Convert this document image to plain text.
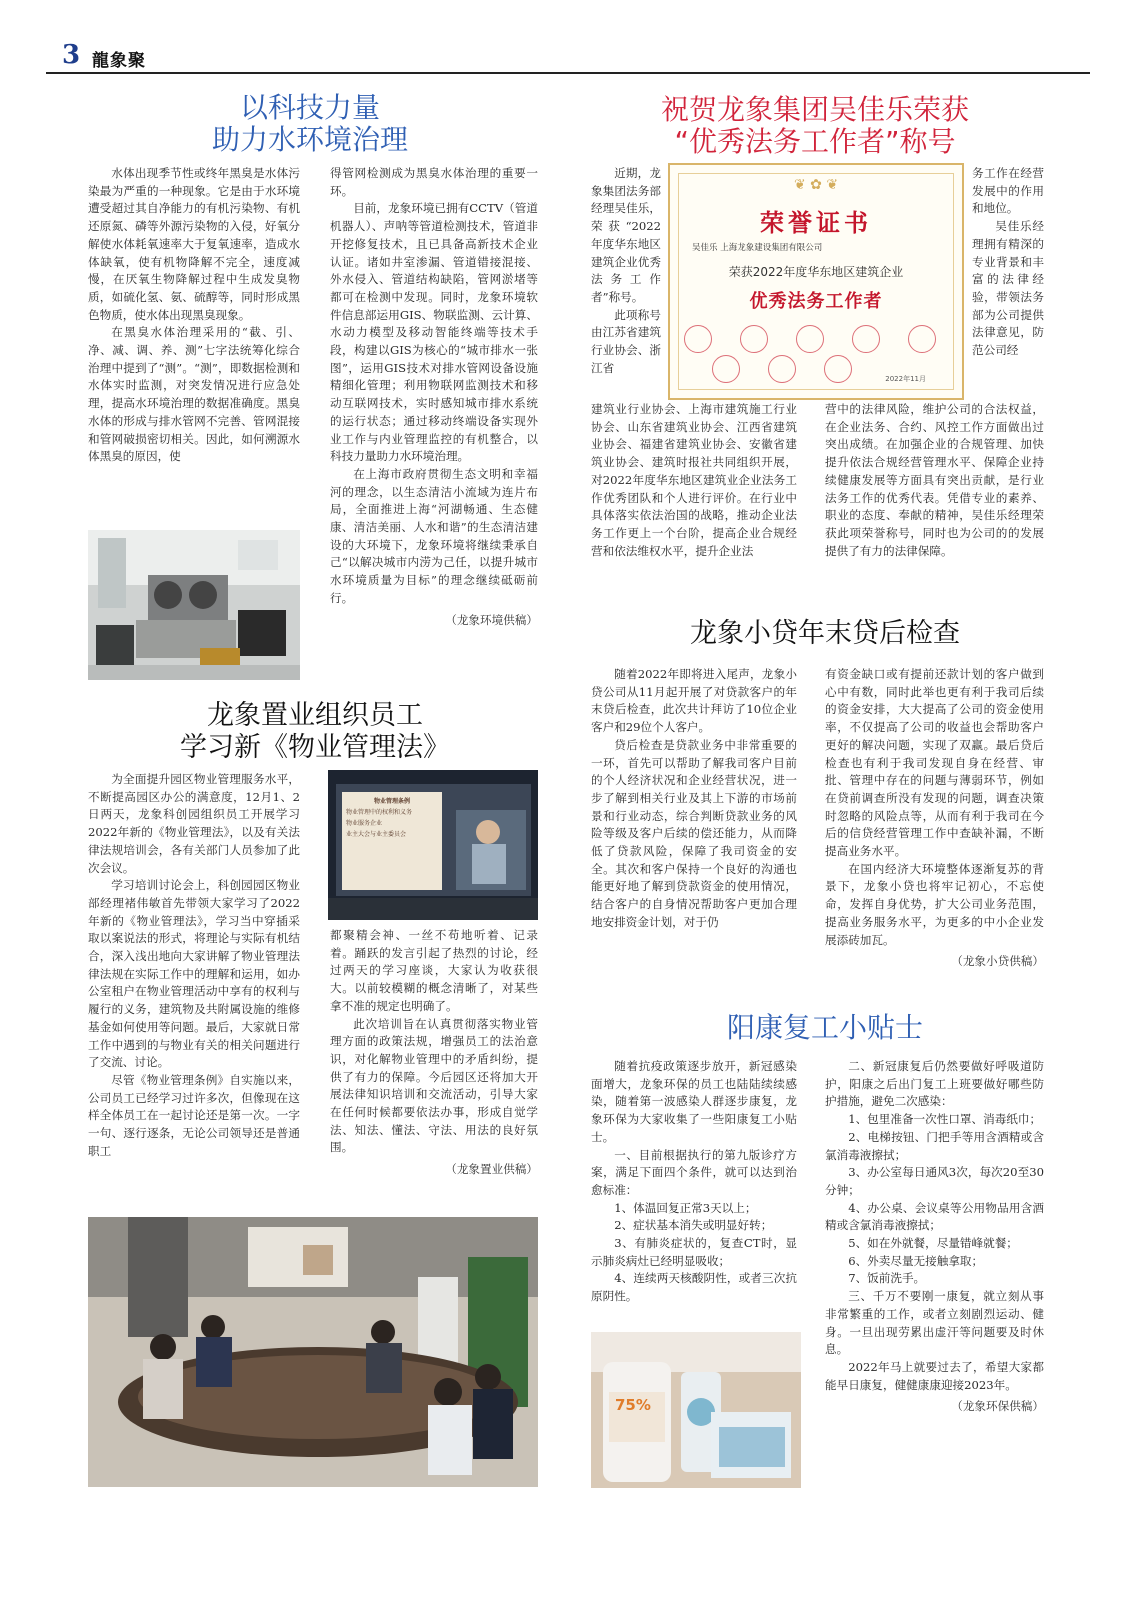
3 龍象聚
以科技力量
助力水环境治理

水体出现季节性或终年黑臭是水体污染最为严重的一种现象。它是由于水环境遭受超过其自净能力的有机污染物、有机还原氮、磷等外源污染物的入侵，好氧分解使水体耗氧速率大于复氧速率，造成水体缺氧，使有机物降解不完全，速度减慢，在厌氧生物降解过程中生成发臭物质，如硫化氢、氨、硫醇等，同时形成黑色物质，使水体出现黑臭现象。

在黑臭水体治理采用的“截、引、净、减、调、养、测”七字法统筹化综合治理中提到了“测”。“测”，即数据检测和水体实时监测，对突发情况进行应急处理，提高水环境治理的数据准确度。黑臭水体的形成与排水管网不完善、管网混接和管网破损密切相关。因此，如何溯源水体黑臭的原因，使

得管网检测成为黑臭水体治理的重要一环。

目前，龙象环境已拥有CCTV（管道机器人）、声呐等管道检测技术，管道非开挖修复技术，且已具备高新技术企业认证。诸如井室渗漏、管道错接混接、外水侵入、管道结构缺陷，管网淤堵等都可在检测中发现。同时，龙象环境软件信息部运用GIS、物联监测、云计算、水动力模型及移动智能终端等技术手段，构建以GIS为核心的“城市排水一张图”，运用GIS技术对排水管网设备设施精细化管理；利用物联网监测技术和移动互联网技术，实时感知城市排水系统的运行状态；通过移动终端设备实现外业工作与内业管理监控的有机整合，以科技力量助力水环境治理。

在上海市政府贯彻生态文明和幸福河的理念，以生态清洁小流域为连片布局，全面推进上海“河湖畅通、生态健康、清洁美丽、人水和谐”的生态清洁建设的大环境下，龙象环境将继续秉承自己“以解决城市内涝为己任，以提升城市水环境质量为目标”的理念继续砥砺前行。

（龙象环境供稿）
龙象置业组织员工
学习新《物业管理法》

为全面提升园区物业管理服务水平，不断提高园区办公的满意度，12月1、2日两天，龙象科创园组织员工开展学习2022年新的《物业管理法》，以及有关法律法规培训会，各有关部门人员参加了此次会议。

学习培训讨论会上，科创园园区物业部经理褚伟敏首先带领大家学习了2022年新的《物业管理法》，学习当中穿插采取以案说法的形式，将理论与实际有机结合，深入浅出地向大家讲解了物业管理法律法规在实际工作中的理解和运用，如办公室租户在物业管理活动中享有的权利与履行的义务，建筑物及共附属设施的维修基金如何使用等问题。最后，大家就日常工作中遇到的与物业有关的相关问题进行了交流、讨论。

尽管《物业管理条例》自实施以来，公司员工已经学习过许多次，但像现在这样全体员工在一起讨论还是第一次。一字一句、逐行逐条，无论公司领导还是普通职工

物业管理条例
物业管理中的权利和义务
物业服务企业
业主大会与业主委员会

都聚精会神、一丝不苟地听着、记录着。踊跃的发言引起了热烈的讨论，经过两天的学习座谈，大家认为收获很大。以前较模糊的概念清晰了，对某些拿不准的规定也明确了。

此次培训旨在认真贯彻落实物业管理方面的政策法规，增强员工的法治意识，对化解物业管理中的矛盾纠纷，提供了有力的保障。今后园区还将加大开展法律知识培训和交流活动，引导大家在任何时候都要依法办事，形成自觉学法、知法、懂法、守法、用法的良好氛围。

（龙象置业供稿）
祝贺龙象集团吴佳乐荣获
“优秀法务工作者”称号

近期，龙象集团法务部经理吴佳乐，荣获“2022年度华东地区建筑企业优秀法务工作者”称号。

此项称号由江苏省建筑行业协会、浙江省

❦ ✿ ❦
荣誉证书
吴佳乐 上海龙象建设集团有限公司
荣获2022年度华东地区建筑企业
优秀法务工作者
2022年11月

务工作在经营发展中的作用和地位。

吴佳乐经理拥有精深的专业背景和丰富的法律经验，带领法务部为公司提供法律意见，防范公司经

建筑业行业协会、上海市建筑施工行业协会、山东省建筑业协会、江西省建筑业协会、福建省建筑业协会、安徽省建筑业协会、建筑时报社共同组织开展，对2022年度华东地区建筑业企业法务工作优秀团队和个人进行评价。在行业中具体落实依法治国的战略，推动企业法务工作更上一个台阶，提高企业合规经营和依法维权水平，提升企业法

营中的法律风险，维护公司的合法权益，在企业法务、合约、风控工作方面做出过突出成绩。在加强企业的合规管理、加快提升依法合规经营管理水平、保障企业持续健康发展等方面具有突出贡献，是行业法务工作的优秀代表。凭借专业的素养、职业的态度、奉献的精神，吴佳乐经理荣获此项荣誉称号，同时也为公司的的发展提供了有力的法律保障。

龙象小贷年末贷后检查

随着2022年即将进入尾声，龙象小贷公司从11月起开展了对贷款客户的年末贷后检查，此次共计拜访了10位企业客户和29位个人客户。

贷后检查是贷款业务中非常重要的一环，首先可以帮助了解我司客户目前的个人经济状况和企业经营状况，进一步了解到相关行业及其上下游的市场前景和行业动态，综合判断贷款业务的风险等级及客户后续的偿还能力，从而降低了贷款风险，保障了我司资金的安全。其次和客户保持一个良好的沟通也能更好地了解到贷款资金的使用情况，结合客户的自身情况帮助客户更加合理地安排资金计划，对于仍

有资金缺口或有提前还款计划的客户做到心中有数，同时此举也更有利于我司后续的资金安排，大大提高了公司的资金使用率，不仅提高了公司的收益也会帮助客户更好的解决问题，实现了双赢。最后贷后检查也有利于我司发现自身在经营、审批、管理中存在的问题与薄弱环节，例如在贷前调查所没有发现的问题，调查决策时忽略的风险点等，从而有利于我司在今后的信贷经营管理工作中查缺补漏，不断提高业务水平。

在国内经济大环境整体逐渐复苏的背景下，龙象小贷也将牢记初心，不忘使命，发挥自身优势，扩大公司业务范围，提高业务服务水平，为更多的中小企业发展添砖加瓦。

（龙象小贷供稿）
阳康复工小贴士

随着抗疫政策逐步放开，新冠感染面增大，龙象环保的员工也陆陆续续感染，随着第一波感染人群逐步康复，龙象环保为大家收集了一些阳康复工小贴士。

一、目前根据执行的第九版诊疗方案，满足下面四个条件，就可以达到治愈标准：

1、体温回复正常3天以上；

2、症状基本消失或明显好转；

3、有肺炎症状的，复查CT时，显示肺炎病灶已经明显吸收；

4、连续两天核酸阴性，或者三次抗原阴性。

75%

二、新冠康复后仍然要做好呼吸道防护，阳康之后出门复工上班要做好哪些防护措施，避免二次感染：

1、包里准备一次性口罩、消毒纸巾；

2、电梯按钮、门把手等用含酒精或含氯消毒液擦拭；

3、办公室每日通风3次，每次20至30分钟；

4、办公桌、会议桌等公用物品用含酒精或含氯消毒液擦拭；

5、如在外就餐，尽量错峰就餐；

6、外卖尽量无接触拿取；

7、饭前洗手。

三、千万不要刚一康复，就立刻从事非常繁重的工作，或者立刻剧烈运动、健身。一旦出现劳累出虚汗等问题要及时休息。

2022年马上就要过去了，希望大家都能早日康复，健健康康迎接2023年。

（龙象环保供稿）
